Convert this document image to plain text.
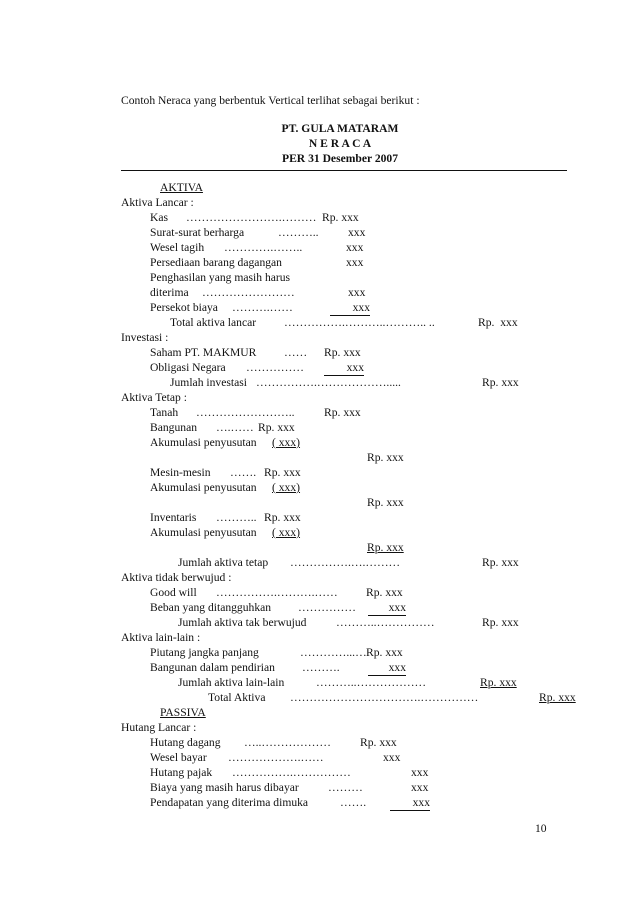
Contoh Neraca yang berbentuk Vertical terlihat sebagai berikut :
PT. GULA MATARAM
N E R A C A
PER 31 Desember 2007
AKTIVA
Aktiva Lancar :
Kas …………………….……… Rp. xxx
Surat-surat berharga	………..	xxx
Wesel tagih ………….……..	xxx
Persediaan barang dagangan	xxx
Penghasilan yang masih harus
diterima ……………………	xxx
Persekot biaya ……….……	xxx
Total aktiva lancar …………….………..……….. ..	Rp.  xxx
Investasi :
Saham PT. MAKMUR …… Rp. xxx
Obligasi Negara ……………	xxx
Jumlah investasi …………….……………….....	Rp. xxx
Aktiva Tetap :
Tanah ……………………..	Rp. xxx
Bangunan ….…… Rp. xxx
Akumulasi penyusutan ( xxx)
Rp. xxx
Mesin-mesin ……. Rp. xxx
Akumulasi penyusutan ( xxx)
Rp. xxx
Inventaris ……….. Rp. xxx
Akumulasi penyusutan ( xxx)
Rp. xxx
Jumlah aktiva tetap …………….….………	Rp. xxx
Aktiva tidak berwujud :
Good will …………….……….…… Rp. xxx
Beban yang ditangguhkan ……………	xxx
Jumlah aktiva tak berwujud	………..……………	Rp. xxx
Aktiva lain-lain :
Piutang jangka panjang	…………...… Rp. xxx
Bangunan dalam pendirian ……….	xxx
Jumlah aktiva lain-lain	………..………………	Rp. xxx
Total Aktiva …………………………….……………	Rp. xxx
PASSIVA
Hutang Lancar :
Hutang dagang …..………………	Rp. xxx
Wesel bayar ……………….……	xxx
Hutang pajak …………….……………	xxx
Biaya yang masih harus dibayar	………	xxx
Pendapatan yang diterima dimuka	…….	xxx
10
